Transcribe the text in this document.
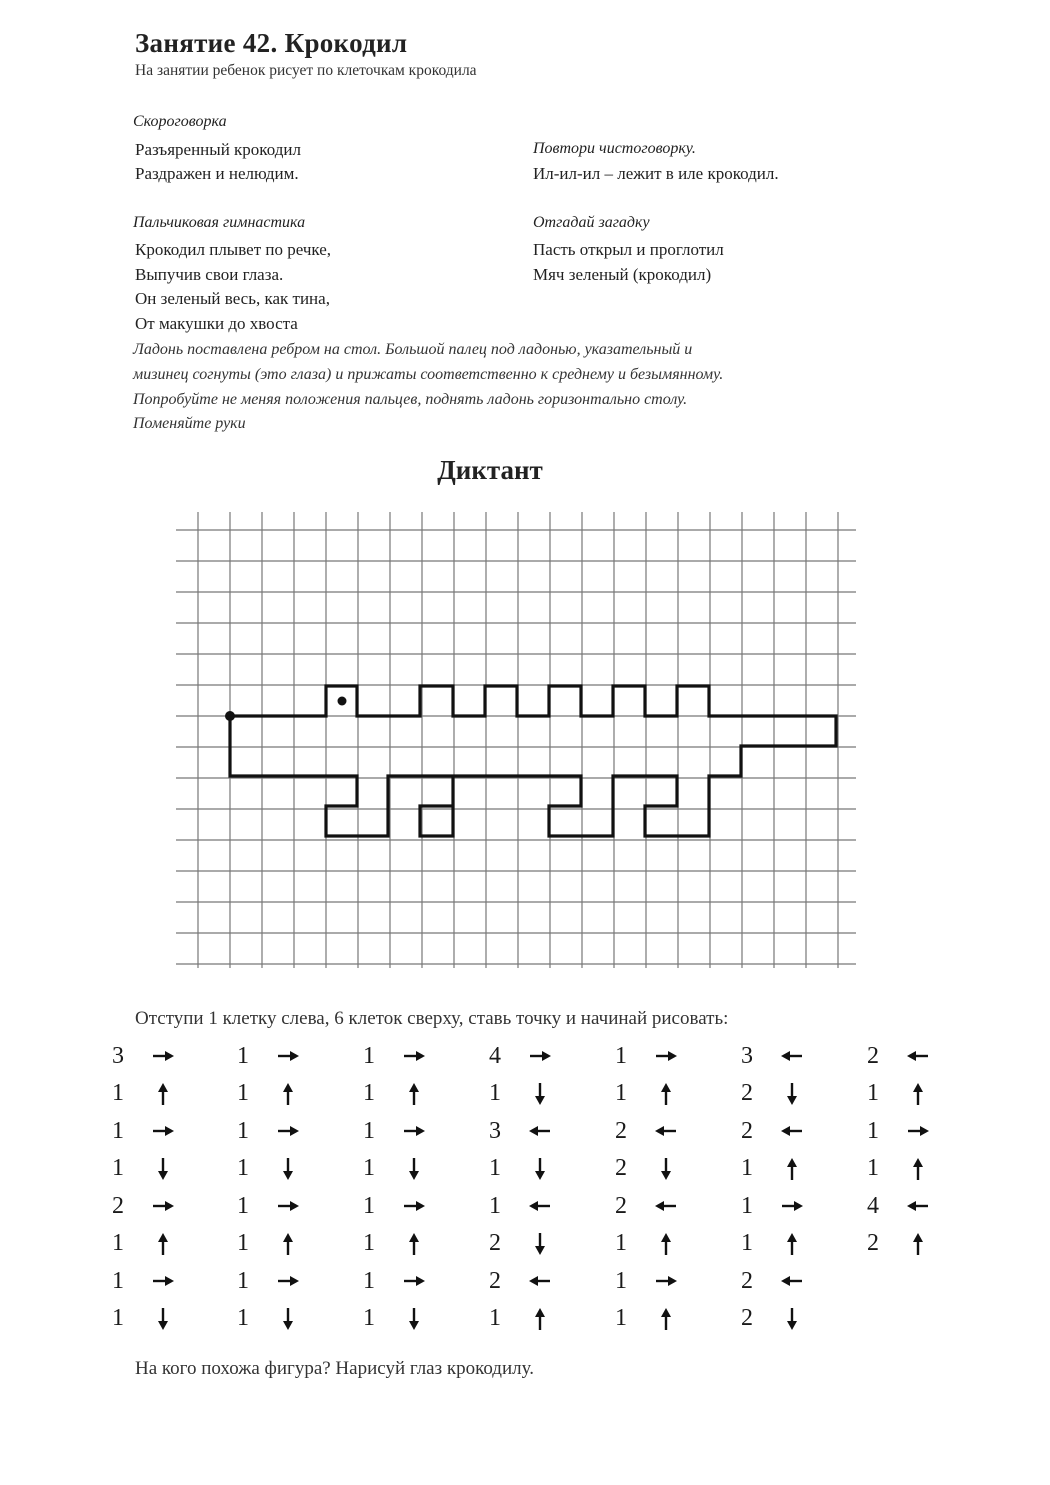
Занятие 42. Крокодил
На занятии ребенок рисует по клеточкам крокодила
Скороговорка
Разъяренный крокодил
Раздражен и нелюдим.
Повтори чистоговорку.
Ил-ил-ил – лежит в иле крокодил.
Пальчиковая гимнастика
Крокодил плывет по речке,
Выпучив свои глаза.
Он зеленый весь, как тина,
От макушки до хвоста
Отгадай загадку
Пасть открыл и проглотил
Мяч зеленый (крокодил)
Ладонь поставлена ребром на стол. Большой палец под ладонью, указательный и
мизинец согнуты (это глаза) и прижаты соответственно к среднему и безымянному.
Попробуйте не меняя положения пальцев, поднять ладонь горизонтально столу.
Поменяйте руки
Диктант
Отступи 1 клетку слева, 6 клеток сверху, ставь точку и начинай рисовать:
3
1
1
1
2
1
1
1
1
1
1
1
1
1
1
1
1
1
1
1
1
1
1
1
4
1
3
1
1
2
2
1
1
1
2
2
2
1
1
1
3
2
2
1
1
1
2
2
2
1
1
1
4
2
На кого похожа фигура? Нарисуй глаз крокодилу.
